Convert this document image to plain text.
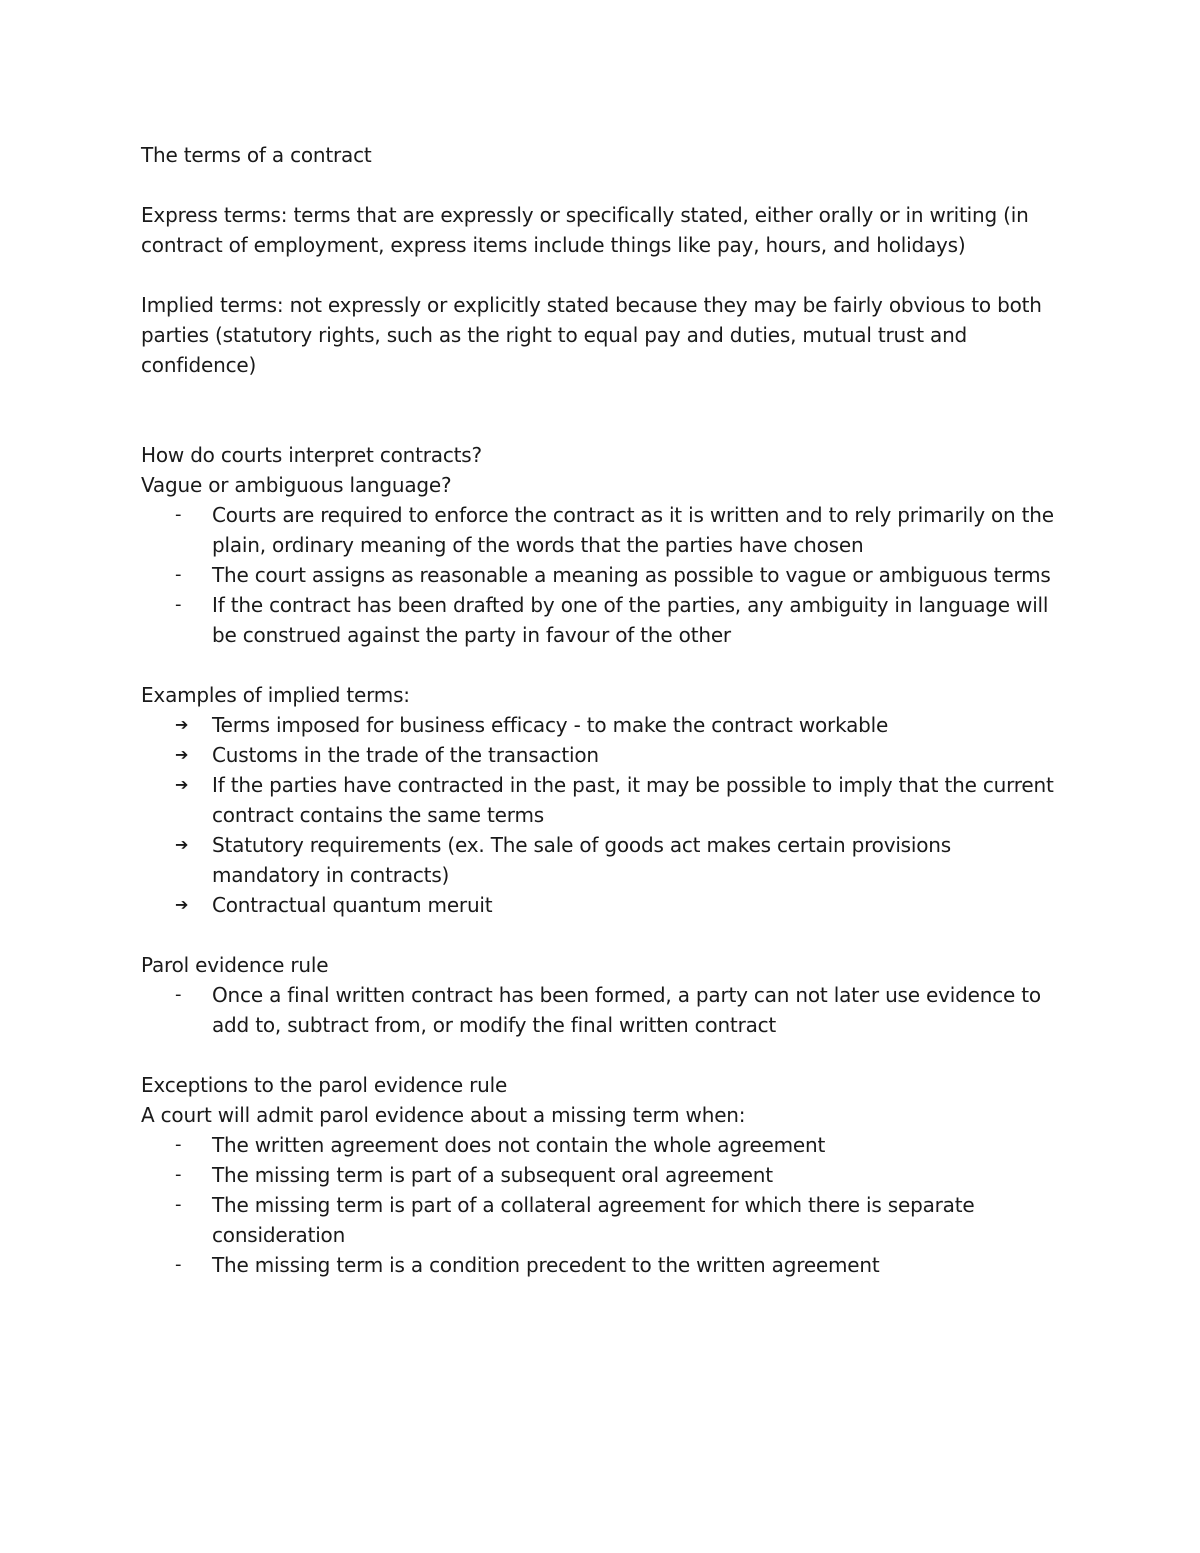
The terms of a contract

Express terms: terms that are expressly or specifically stated, either orally or in writing (in contract of employment, express items include things like pay, hours, and holidays)

Implied terms: not expressly or explicitly stated because they may be fairly obvious to both parties (statutory rights, such as the right to equal pay and duties, mutual trust and confidence)

How do courts interpret contracts?

Vague or ambiguous language?

-	Courts are required to enforce the contract as it is written and to rely primarily on the plain, ordinary meaning of the words that the parties have chosen
-	The court assigns as reasonable a meaning as possible to vague or ambiguous terms
-	If the contract has been drafted by one of the parties, any ambiguity in language will be construed against the party in favour of the other

Examples of implied terms:

➔	Terms imposed for business efficacy - to make the contract workable
➔	Customs in the trade of the transaction
➔	If the parties have contracted in the past, it may be possible to imply that the current contract contains the same terms
➔	Statutory requirements (ex. The sale of goods act makes certain provisions mandatory in contracts)
➔	Contractual quantum meruit

Parol evidence rule

-	Once a final written contract has been formed, a party can not later use evidence to add to, subtract from, or modify the final written contract

Exceptions to the parol evidence rule

A court will admit parol evidence about a missing term when:

-	The written agreement does not contain the whole agreement
-	The missing term is part of a subsequent oral agreement
-	The missing term is part of a collateral agreement for which there is separate consideration
-	The missing term is a condition precedent to the written agreement
